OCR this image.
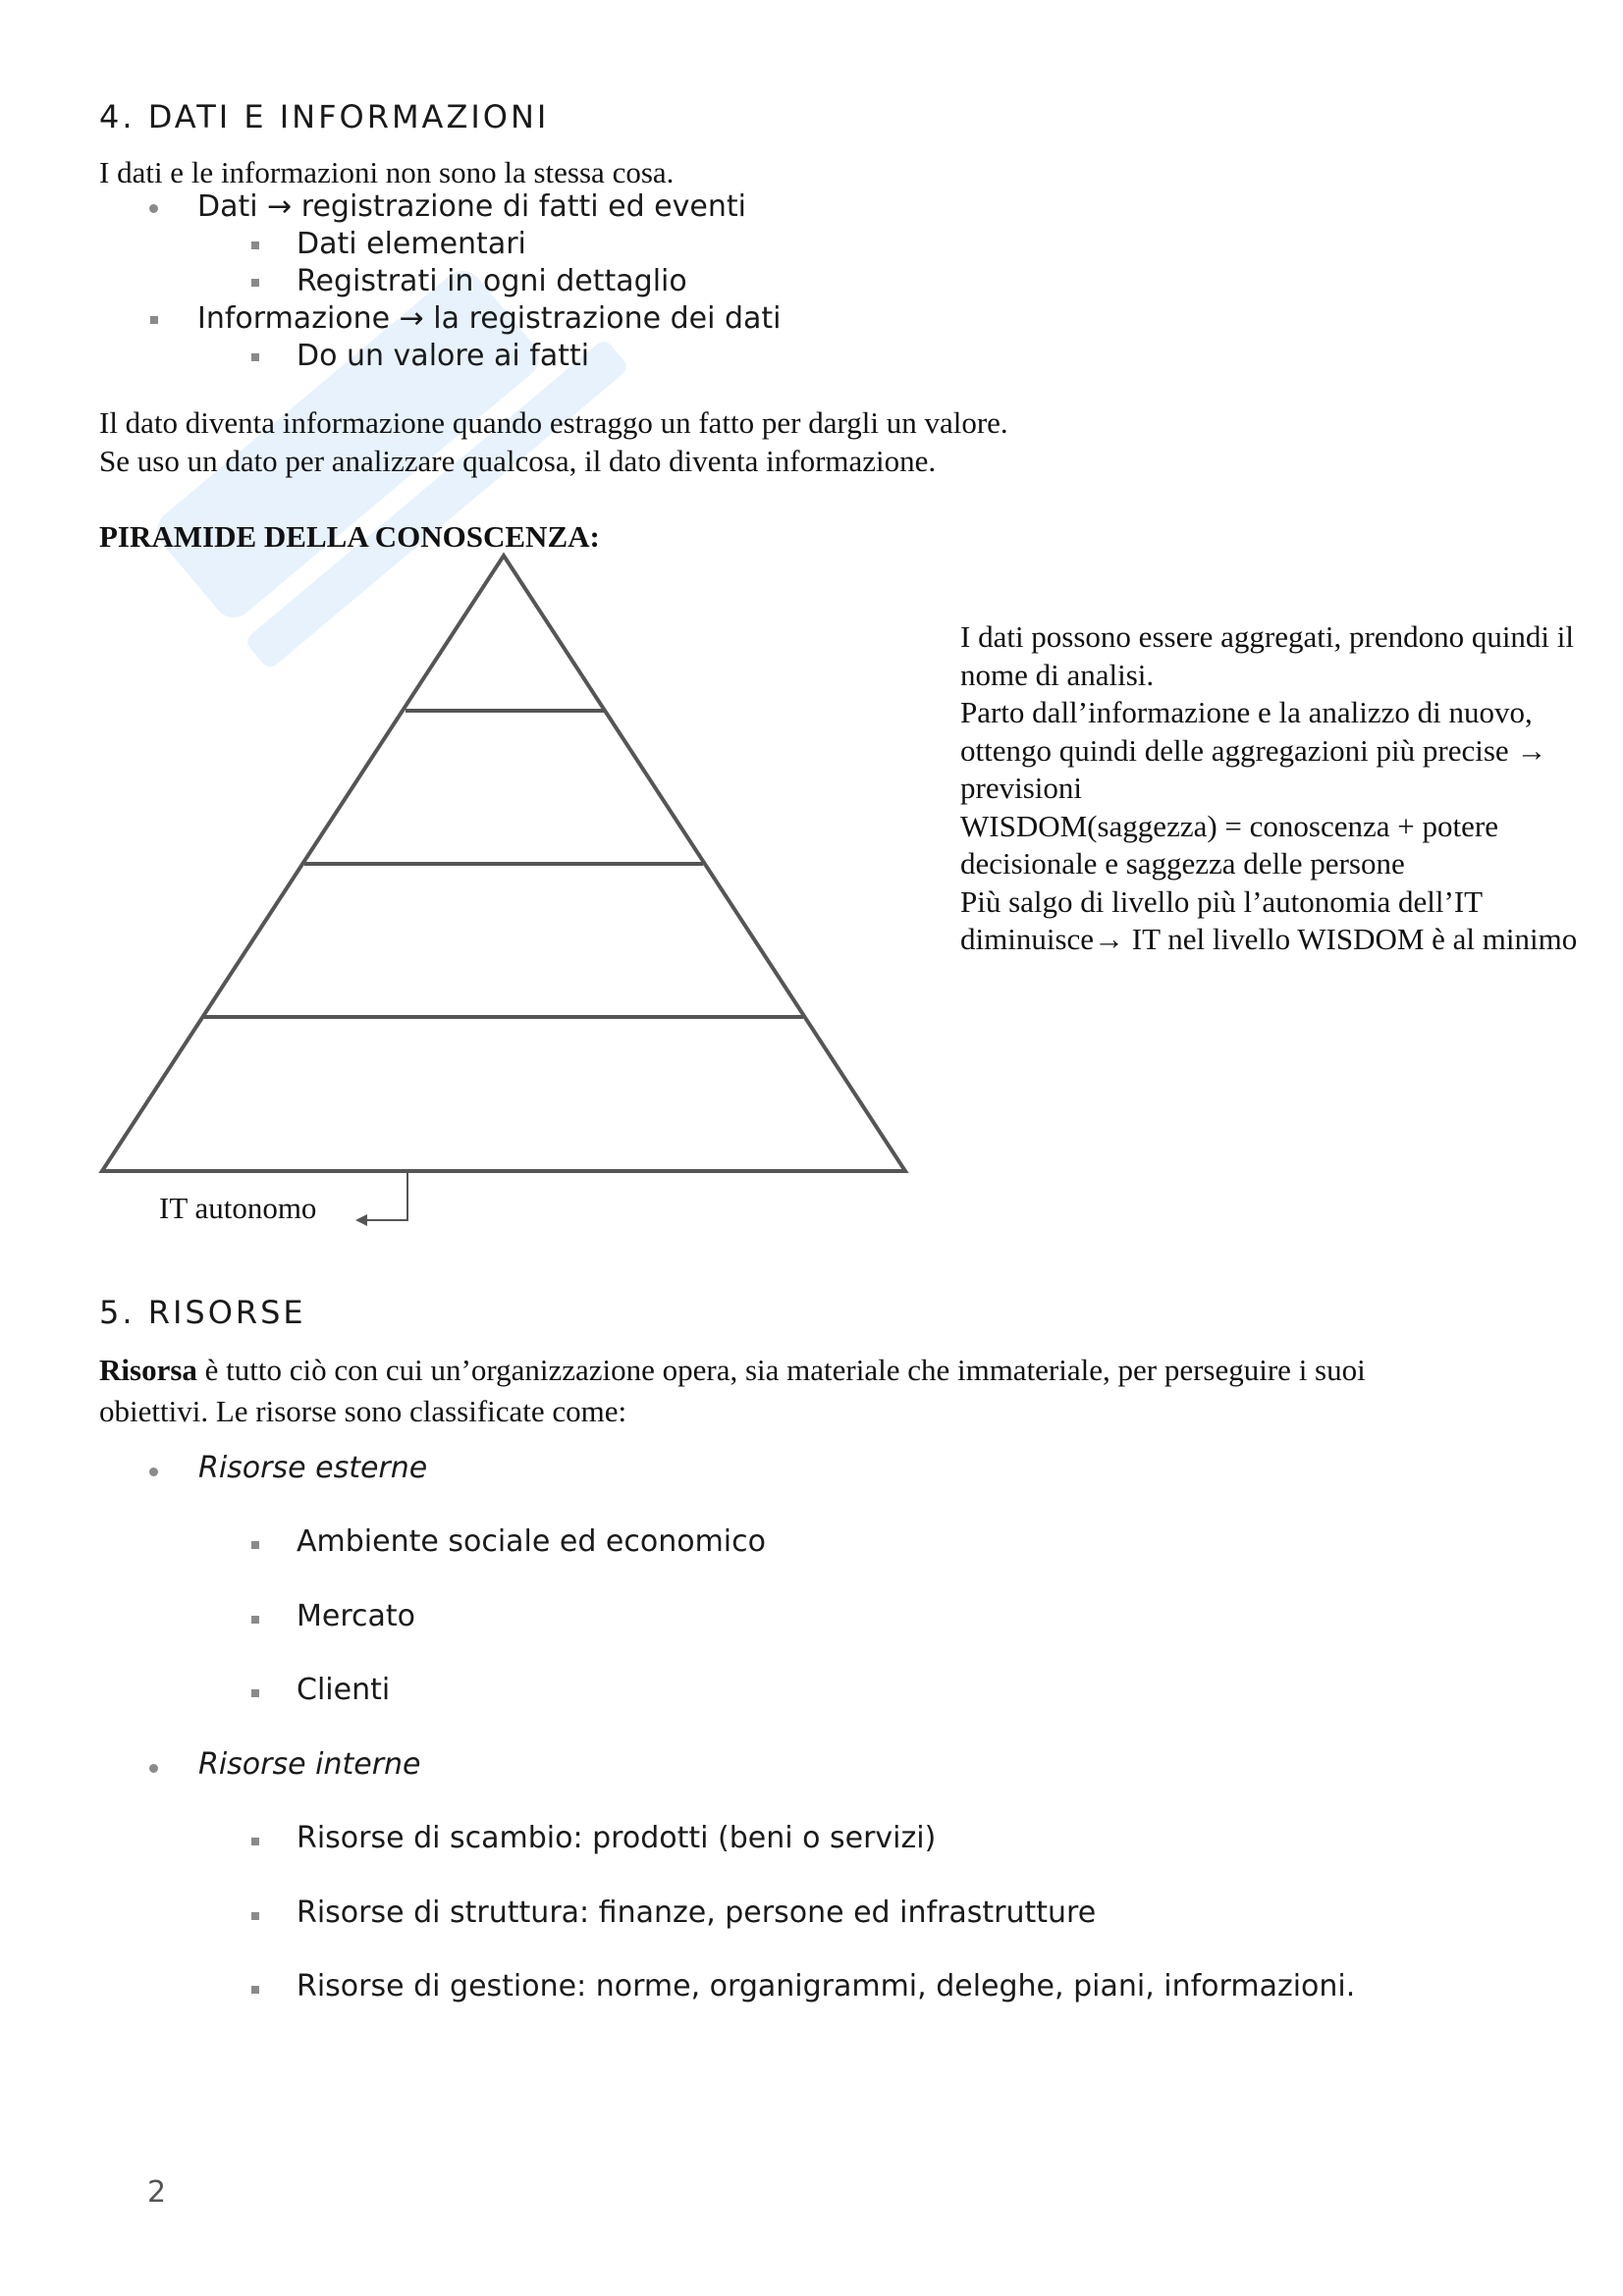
4. DATI E INFORMAZIONI
I dati e le informazioni non sono la stessa cosa.
Dati → registrazione di fatti ed eventi
Dati elementari
Registrati in ogni dettaglio
Informazione → la registrazione dei dati
Do un valore ai fatti
Il dato diventa informazione quando estraggo un fatto per dargli un valore.
Se uso un dato per analizzare qualcosa, il dato diventa informazione.
PIRAMIDE DELLA CONOSCENZA:

I dati possono essere aggregati, prendono quindi il nome di analisi.

Parto dall’informazione e la analizzo di nuovo, ottengo quindi delle aggregazioni più precise → previsioni

WISDOM(saggezza) = conoscenza + potere decisionale e saggezza delle persone

Più salgo di livello più l’autonomia dell’IT diminuisce→ IT nel livello WISDOM è al minimo

IT autonomo
5. RISORSE
Risorsa è tutto ciò con cui un’organizzazione opera, sia materiale che immateriale, per perseguire i suoi
obiettivi. Le risorse sono classificate come:
Risorse esterne
Ambiente sociale ed economico
Mercato
Clienti
Risorse interne
Risorse di scambio: prodotti (beni o servizi)
Risorse di struttura: finanze, persone ed infrastrutture
Risorse di gestione: norme, organigrammi, deleghe, piani, informazioni.
2
